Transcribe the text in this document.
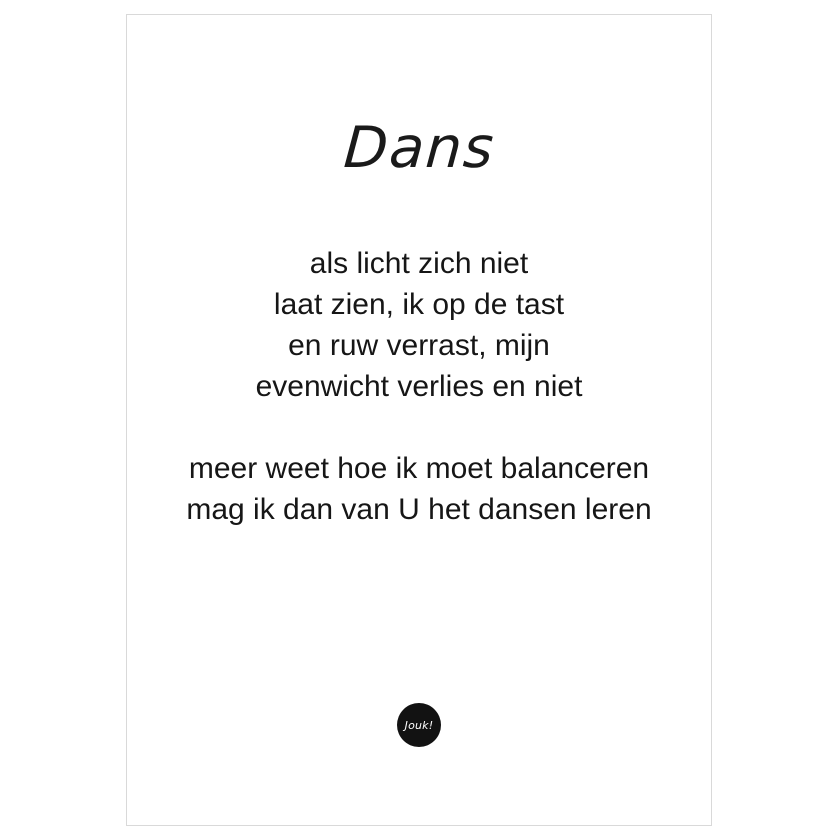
Dans
als licht zich niet
laat zien, ik op de tast
en ruw verrast, mijn
evenwicht verlies en niet
meer weet hoe ik moet balanceren
mag ik dan van U het dansen leren
Jouk!
